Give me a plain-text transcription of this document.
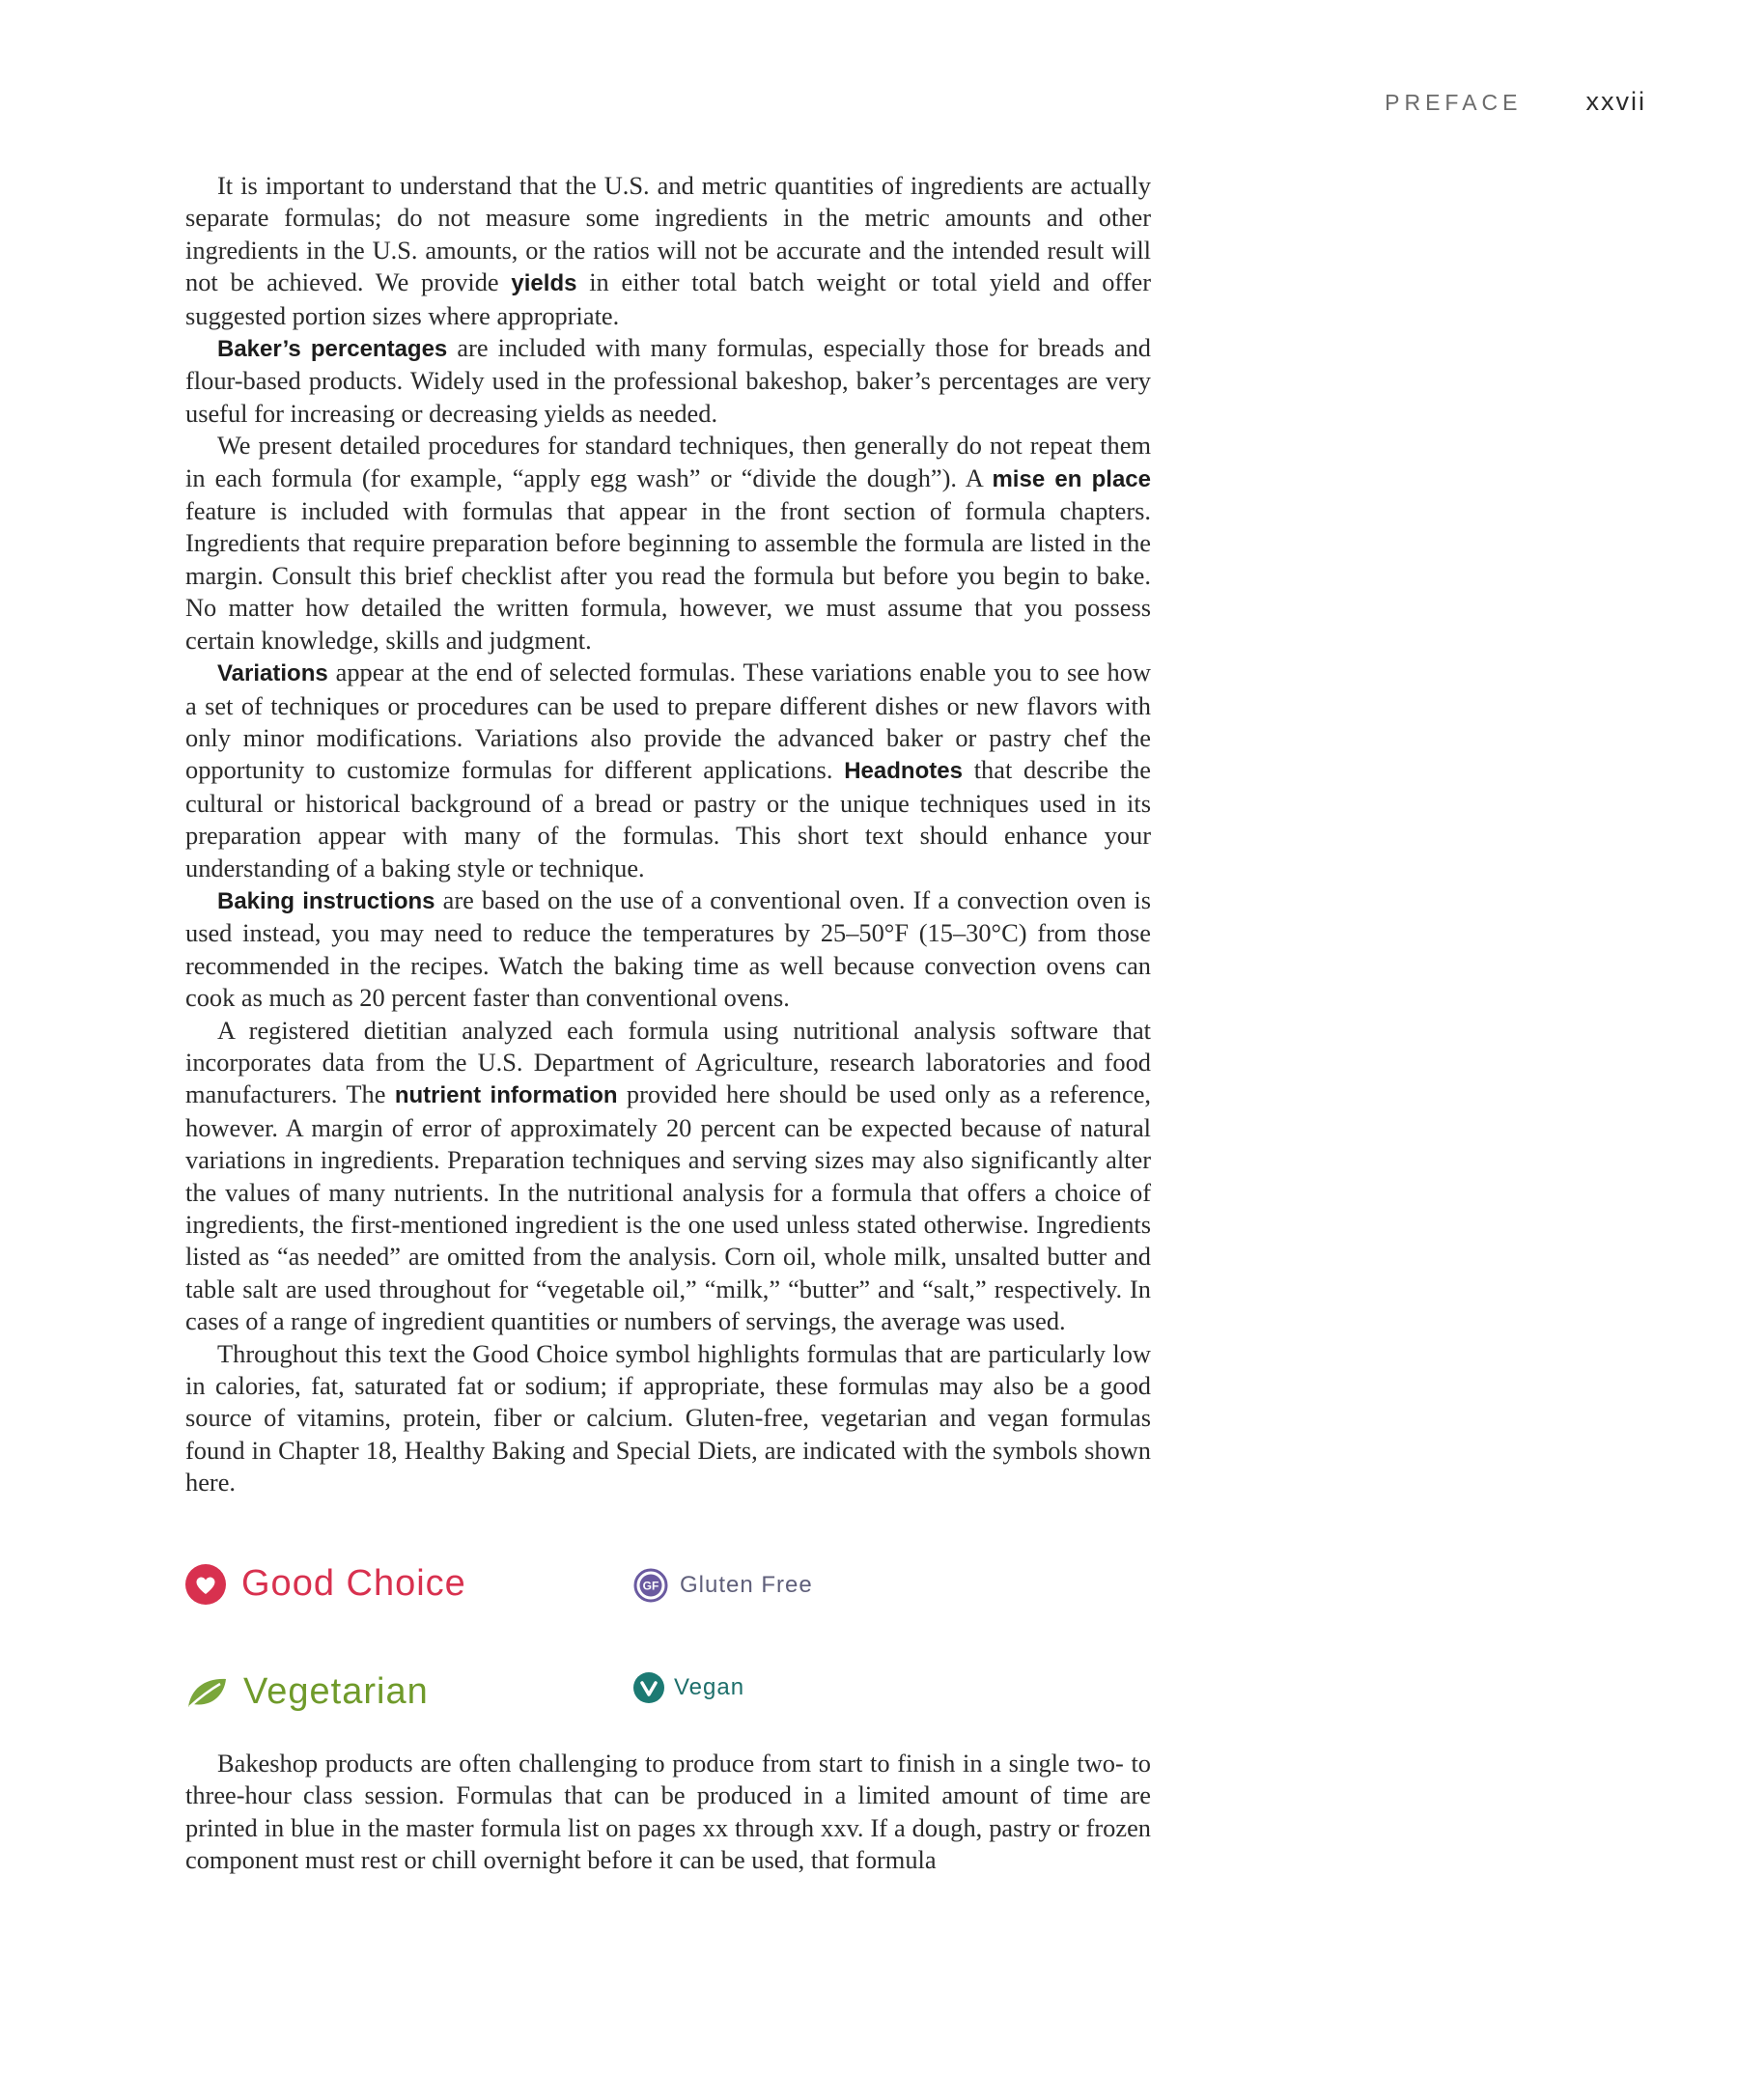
PREFACE xxvii

It is important to understand that the U.S. and metric quantities of ingredients are actually separate formulas; do not measure some ingredients in the metric amounts and other ingredients in the U.S. amounts, or the ratios will not be accurate and the intended result will not be achieved. We provide yields in either total batch weight or total yield and offer suggested portion sizes where appropriate.

Baker’s percentages are included with many formulas, especially those for breads and flour-based products. Widely used in the professional bakeshop, baker’s percentages are very useful for increasing or decreasing yields as needed.

We present detailed procedures for standard techniques, then generally do not repeat them in each formula (for example, “apply egg wash” or “divide the dough”). A mise en place feature is included with formulas that appear in the front section of formula chapters. Ingredients that require preparation before beginning to assemble the formula are listed in the margin. Consult this brief checklist after you read the formula but before you begin to bake. No matter how detailed the written formula, however, we must assume that you possess certain knowledge, skills and judgment.

Variations appear at the end of selected formulas. These variations enable you to see how a set of techniques or procedures can be used to prepare different dishes or new flavors with only minor modifications. Variations also provide the advanced baker or pastry chef the opportunity to customize formulas for different applications. Headnotes that describe the cultural or historical background of a bread or pastry or the unique techniques used in its preparation appear with many of the formulas. This short text should enhance your understanding of a baking style or technique.

Baking instructions are based on the use of a conventional oven. If a convection oven is used instead, you may need to reduce the temperatures by 25–50°F (15–30°C) from those recommended in the recipes. Watch the baking time as well because convection ovens can cook as much as 20 percent faster than conventional ovens.

A registered dietitian analyzed each formula using nutritional analysis software that incorporates data from the U.S. Department of Agriculture, research laboratories and food manufacturers. The nutrient information provided here should be used only as a reference, however. A margin of error of approximately 20 percent can be expected because of natural variations in ingredients. Preparation techniques and serving sizes may also significantly alter the values of many nutrients. In the nutritional analysis for a formula that offers a choice of ingredients, the first-mentioned ingredient is the one used unless stated otherwise. Ingredients listed as “as needed” are omitted from the analysis. Corn oil, whole milk, unsalted butter and table salt are used throughout for “vegetable oil,” “milk,” “butter” and “salt,” respectively. In cases of a range of ingredient quantities or numbers of servings, the average was used.

Throughout this text the Good Choice symbol highlights formulas that are particularly low in calories, fat, saturated fat or sodium; if appropriate, these formulas may also be a good source of vitamins, protein, fiber or calcium. Gluten-free, vegetarian and vegan formulas found in Chapter 18, Healthy Baking and Special Diets, are indicated with the symbols shown here.

Good Choice	GF Gluten Free
Vegetarian	Vegan

Bakeshop products are often challenging to produce from start to finish in a single two- to three-hour class session. Formulas that can be produced in a limited amount of time are printed in blue in the master formula list on pages xx through xxv. If a dough, pastry or frozen component must rest or chill overnight before it can be used, that formula
